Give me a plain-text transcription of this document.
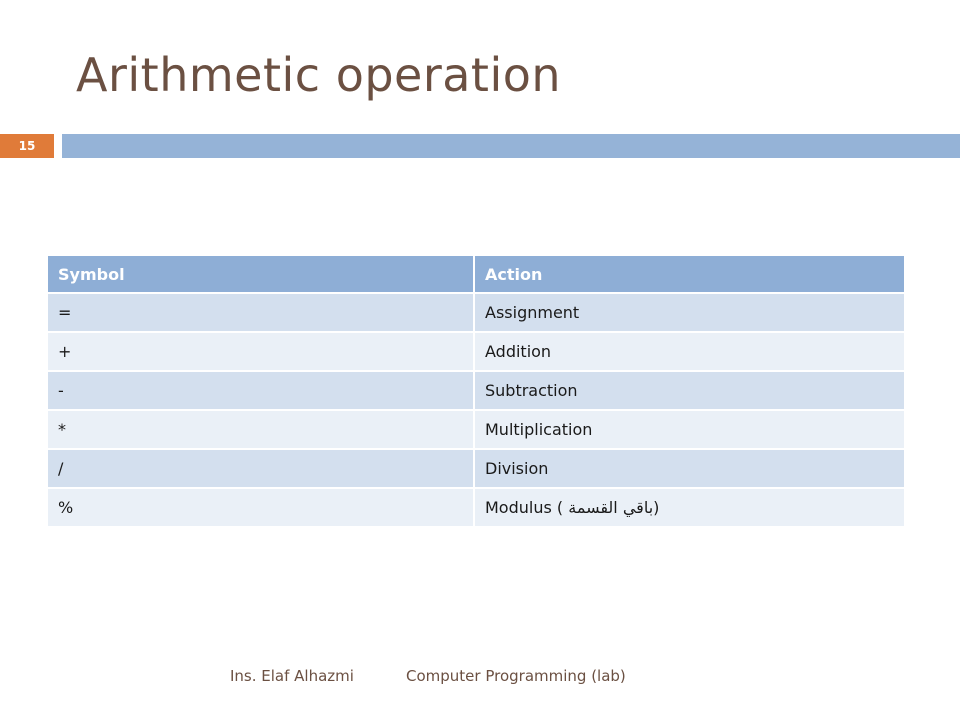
Arithmetic operation
15
Symbol	Action
=	Assignment
+	Addition
-	Subtraction
*	Multiplication
/	Division
%	Modulus ( باقي القسمة)
Ins. Elaf Alhazmi	Computer Programming (lab)
